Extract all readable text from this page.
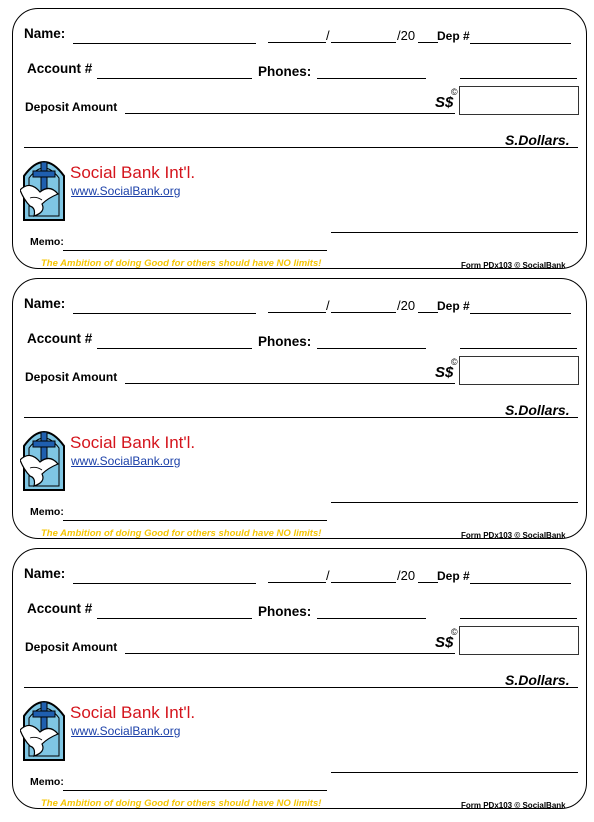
Name:	/	/20 Dep #
Account #	Phones:
Deposit Amount	S$
©
S.Dollars.
Social Bank Int'l.
www.SocialBank.org
Memo:
The Ambition of doing Good for others should have NO limits!	Form PDx103 © SocialBank
Name:	/	/20 Dep #
Account #	Phones:
Deposit Amount	S$
©
S.Dollars.
Social Bank Int'l.
www.SocialBank.org
Memo:
The Ambition of doing Good for others should have NO limits!	Form PDx103 © SocialBank
Name:	/	/20 Dep #
Account #	Phones:
Deposit Amount	S$
©
S.Dollars.
Social Bank Int'l.
www.SocialBank.org
Memo:
The Ambition of doing Good for others should have NO limits!	Form PDx103 © SocialBank
